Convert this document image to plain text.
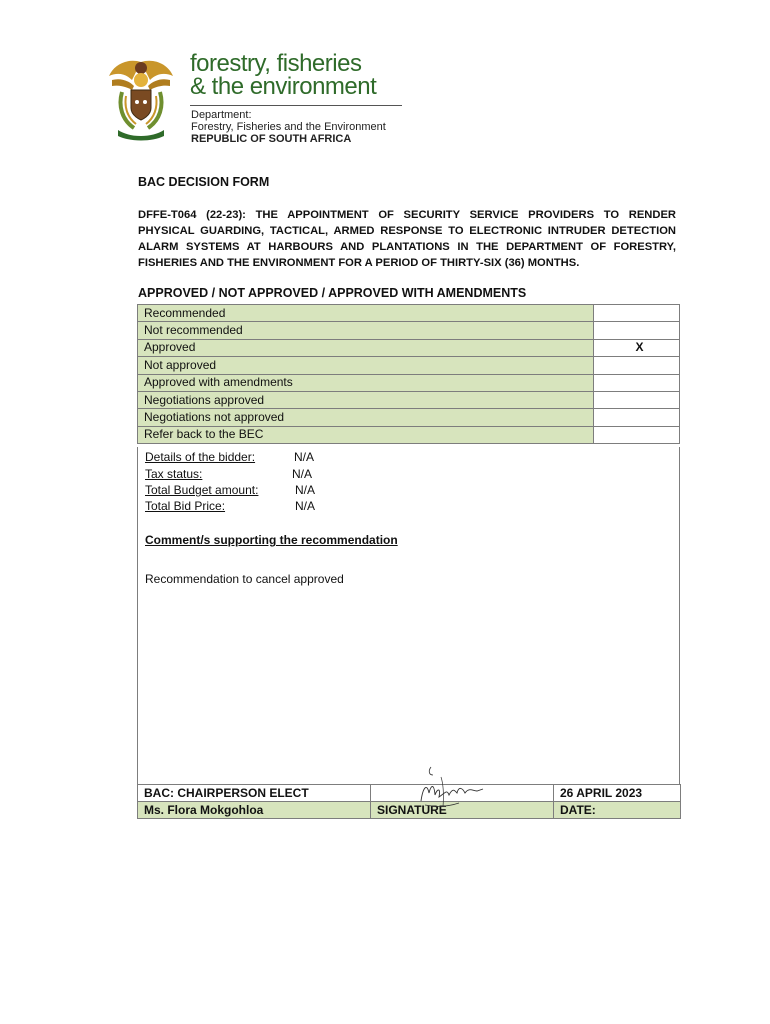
forestry, fisheries
& the environment
Department:
Forestry, Fisheries and the Environment
REPUBLIC OF SOUTH AFRICA
BAC DECISION FORM
DFFE-T064 (22-23): THE APPOINTMENT OF SECURITY SERVICE PROVIDERS TO RENDER PHYSICAL GUARDING, TACTICAL, ARMED RESPONSE TO ELECTRONIC INTRUDER DETECTION ALARM SYSTEMS AT HARBOURS AND PLANTATIONS IN THE DEPARTMENT OF FORESTRY, FISHERIES AND THE ENVIRONMENT FOR A PERIOD OF THIRTY-SIX (36) MONTHS.
APPROVED / NOT APPROVED / APPROVED WITH AMENDMENTS
Recommended	
Not recommended	
Approved	X
Not approved	
Approved with amendments	
Negotiations approved	
Negotiations not approved	
Refer back to the BEC	
Details of the bidder:	N/A
Tax status:	N/A
Total Budget amount:	N/A
Total Bid Price:	N/A
Comment/s supporting the recommendation
Recommendation to cancel approved
BAC: CHAIRPERSON ELECT		26 APRIL 2023
Ms. Flora Mokgohloa	SIGNATURE	DATE:
